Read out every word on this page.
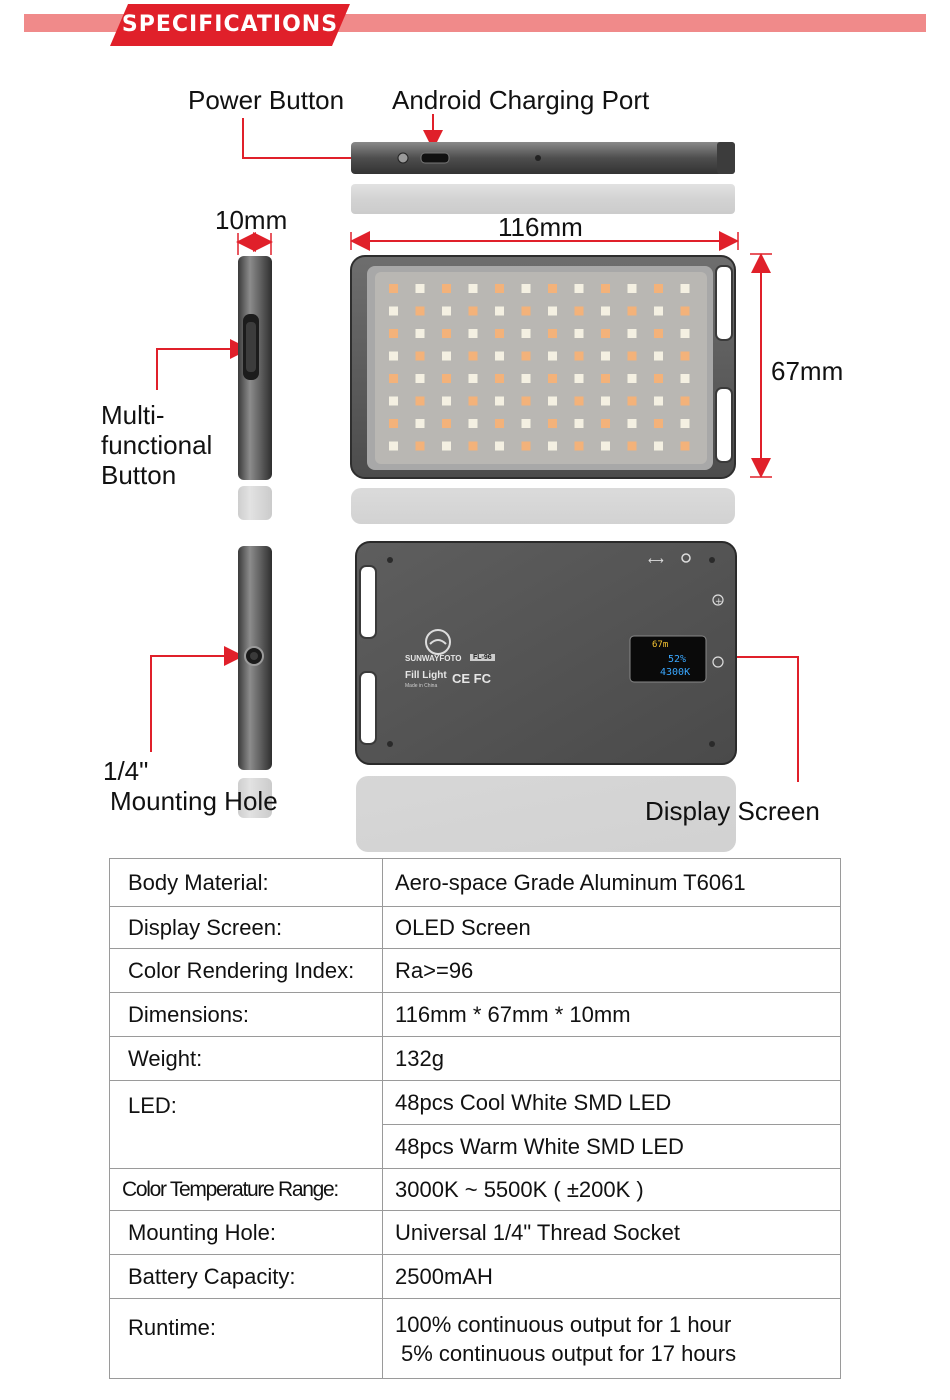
SPECIFICATIONS
Power Button Android Charging Port
10mm	116mm
67mm
Multi-
functional
Button
1/4"
Mounting Hole
⟷
+
SUNWAYFOTO	FL-96
Fill Light
Made in China CE FC
67m
52%
4300K
Display Screen
Body Material:	Aero-space Grade Aluminum T6061
Display Screen:	OLED Screen
Color Rendering Index:	Ra>=96
Dimensions:	116mm * 67mm * 10mm
Weight:	132g
LED:	48pcs Cool White SMD LED
	48pcs Warm White SMD LED
Color Temperature Range:	3000K ~ 5500K ( ±200K )
Mounting Hole:	Universal 1/4" Thread Socket
Battery Capacity:	2500mAH
Runtime:	100% continuous output for 1 hour
5% continuous output for 17 hours
